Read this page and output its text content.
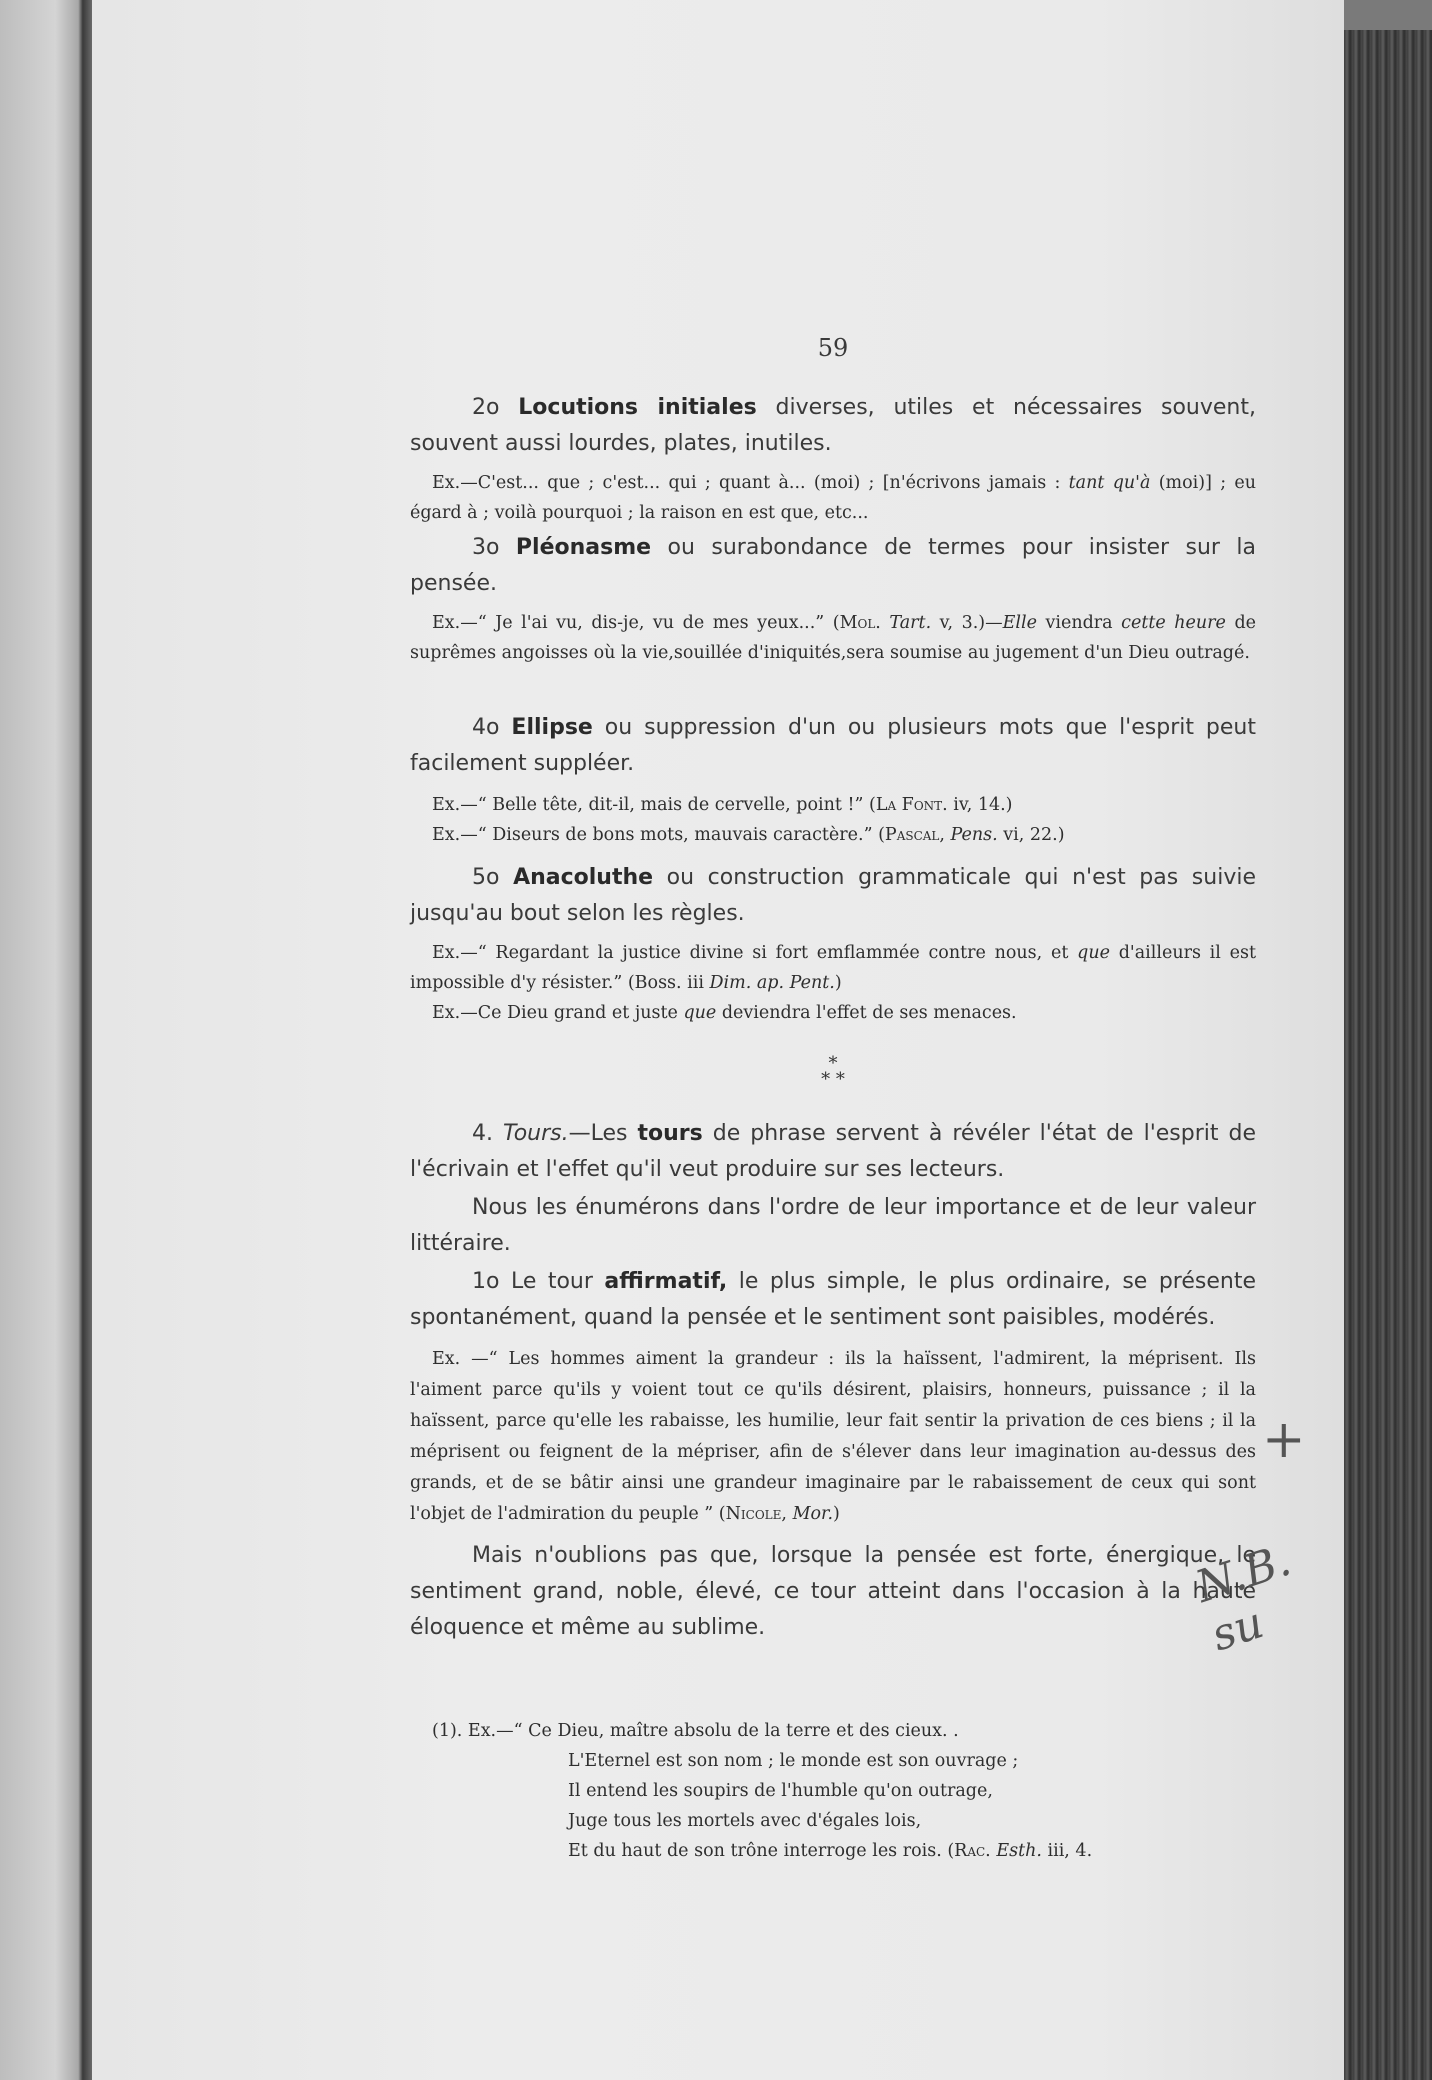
59

2o Locutions initiales diverses, utiles et nécessaires souvent, souvent aussi lourdes, plates, inutiles.

Ex.—C'est... que ; c'est... qui ; quant à... (moi) ; [n'écrivons jamais : tant qu'à (moi)] ; eu égard à ; voilà pourquoi ; la raison en est que, etc...

3o Pléonasme ou surabondance de termes pour insister sur la pensée.

Ex.—“ Je l'ai vu, dis-je, vu de mes yeux...” (Mol. Tart. v, 3.)—Elle viendra cette heure de suprêmes angoisses où la vie,souillée d'iniquités,sera soumise au jugement d'un Dieu outragé.

4o Ellipse ou suppression d'un ou plusieurs mots que l'esprit peut facilement suppléer.

Ex.—“ Belle tête, dit-il, mais de cervelle, point !” (La Font. iv, 14.)

Ex.—“ Diseurs de bons mots, mauvais caractère.” (Pascal, Pens. vi, 22.)

5o Anacoluthe ou construction grammaticale qui n'est pas suivie jusqu'au bout selon les règles.

Ex.—“ Regardant la justice divine si fort emflammée contre nous, et que d'ailleurs il est impossible d'y résister.” (Boss. iii Dim. ap. Pent.)

Ex.—Ce Dieu grand et juste que deviendra l'effet de ses menaces.

*
* *

4. Tours.—Les tours de phrase servent à révéler l'état de l'esprit de l'écrivain et l'effet qu'il veut produire sur ses lecteurs.

Nous les énumérons dans l'ordre de leur importance et de leur valeur littéraire.

1o Le tour affirmatif, le plus simple, le plus ordinaire, se présente spontanément, quand la pensée et le sentiment sont paisibles, modérés.

Ex. —“ Les hommes aiment la grandeur : ils la haïssent, l'admirent, la méprisent. Ils l'aiment parce qu'ils y voient tout ce qu'ils désirent, plaisirs, honneurs, puissance ; il la haïssent, parce qu'elle les rabaisse, les humilie, leur fait sentir la privation de ces biens ; il la méprisent ou feignent de la mépriser, afin de s'élever dans leur imagination au-dessus des grands, et de se bâtir ainsi une grandeur imaginaire par le rabaissement de ceux qui sont l'objet de l'admiration du peuple ” (Nicole, Mor.)

Mais n'oublions pas que, lorsque la pensée est forte, énergique, le sentiment grand, noble, élevé, ce tour atteint dans l'occasion à la haute éloquence et même au sublime.

(1). Ex.—“ Ce Dieu, maître absolu de la terre et des cieux. .
L'Eternel est son nom ; le monde est son ouvrage ;
Il entend les soupirs de l'humble qu'on outrage,
Juge tous les mortels avec d'égales lois,
Et du haut de son trône interroge les rois. (Rac. Esth. iii, 4.
+
N.B. su
